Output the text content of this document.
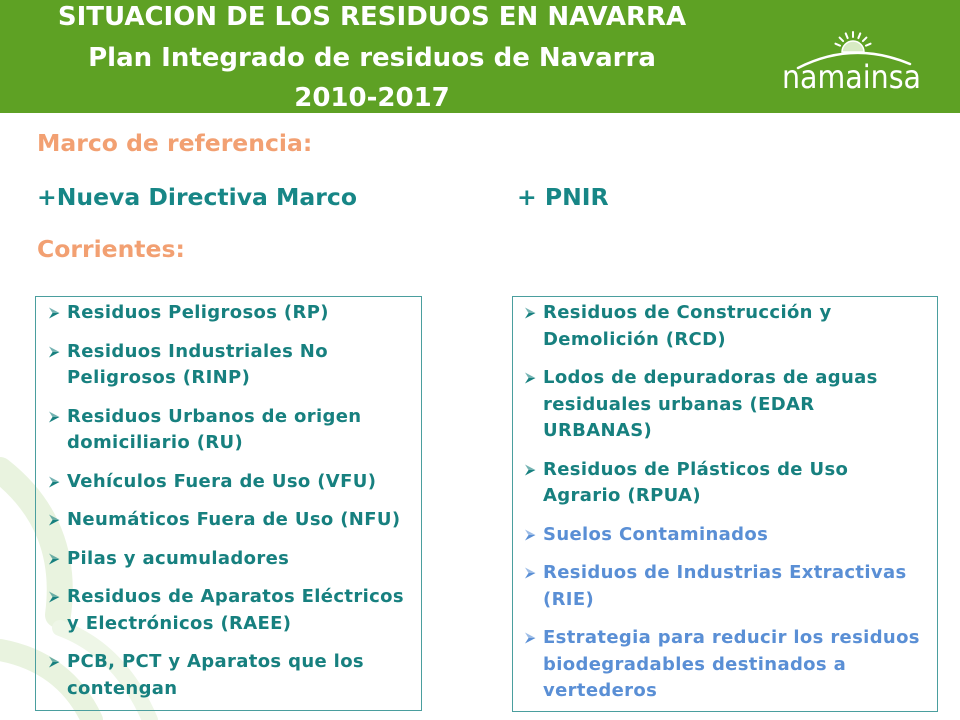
SITUACION DE LOS RESIDUOS EN NAVARRA
Plan Integrado de residuos de Navarra
2010-2017
namainsa
Marco de referencia:
+Nueva Directiva Marco	+ PNIR
Corrientes:
Residuos Peligrosos (RP)
Residuos Industriales No
Peligrosos (RINP)
Residuos Urbanos de origen
domiciliario (RU)
Vehículos Fuera de Uso (VFU)
Neumáticos Fuera de Uso (NFU)
Pilas y acumuladores
Residuos de Aparatos Eléctricos
y Electrónicos (RAEE)
PCB, PCT y Aparatos que los
contengan
Residuos de Construcción y
Demolición (RCD)
Lodos de depuradoras de aguas
residuales urbanas (EDAR
URBANAS)
Residuos de Plásticos de Uso
Agrario (RPUA)
Suelos Contaminados
Residuos de Industrias Extractivas
(RIE)
Estrategia para reducir los residuos
biodegradables destinados a
vertederos
